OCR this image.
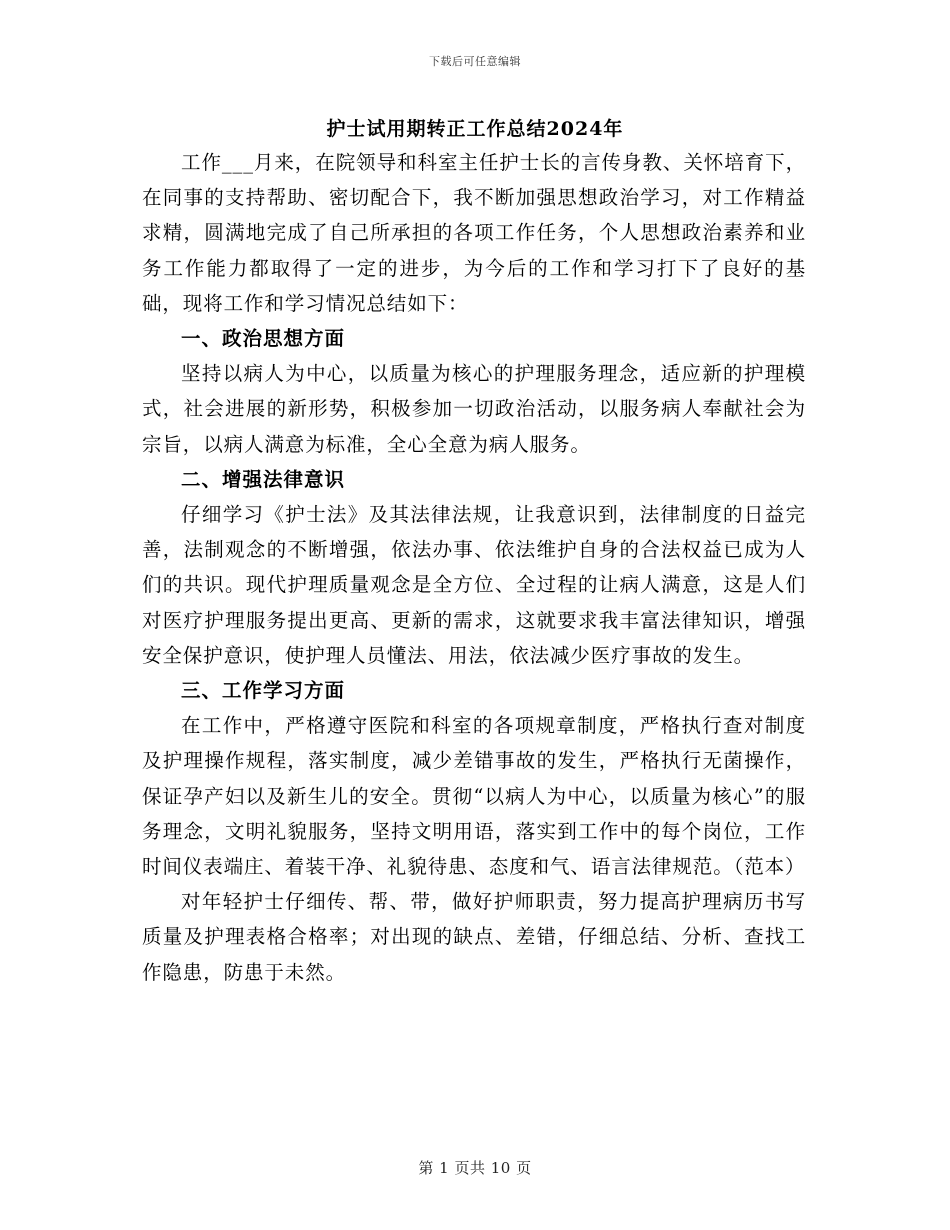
下载后可任意编辑
护士试用期转正工作总结2024年

工作___月来，在院领导和科室主任护士长的言传身教、关怀培育下，在同事的支持帮助、密切配合下，我不断加强思想政治学习，对工作精益求精，圆满地完成了自己所承担的各项工作任务，个人思想政治素养和业务工作能力都取得了一定的进步，为今后的工作和学习打下了良好的基础，现将工作和学习情况总结如下：

一、政治思想方面

坚持以病人为中心，以质量为核心的护理服务理念，适应新的护理模式，社会进展的新形势，积极参加一切政治活动，以服务病人奉献社会为宗旨，以病人满意为标准，全心全意为病人服务。

二、增强法律意识

仔细学习《护士法》及其法律法规，让我意识到，法律制度的日益完善，法制观念的不断增强，依法办事、依法维护自身的合法权益已成为人们的共识。现代护理质量观念是全方位、全过程的让病人满意，这是人们对医疗护理服务提出更高、更新的需求，这就要求我丰富法律知识，增强安全保护意识，使护理人员懂法、用法，依法减少医疗事故的发生。

三、工作学习方面

在工作中，严格遵守医院和科室的各项规章制度，严格执行查对制度及护理操作规程，落实制度，减少差错事故的发生，严格执行无菌操作，保证孕产妇以及新生儿的安全。贯彻“以病人为中心，以质量为核心”的服务理念，文明礼貌服务，坚持文明用语，落实到工作中的每个岗位，工作时间仪表端庄、着装干净、礼貌待患、态度和气、语言法律规范。（范本）

对年轻护士仔细传、帮、带，做好护师职责，努力提高护理病历书写质量及护理表格合格率；对出现的缺点、差错，仔细总结、分析、查找工作隐患，防患于未然。

第 1 页共 10 页
